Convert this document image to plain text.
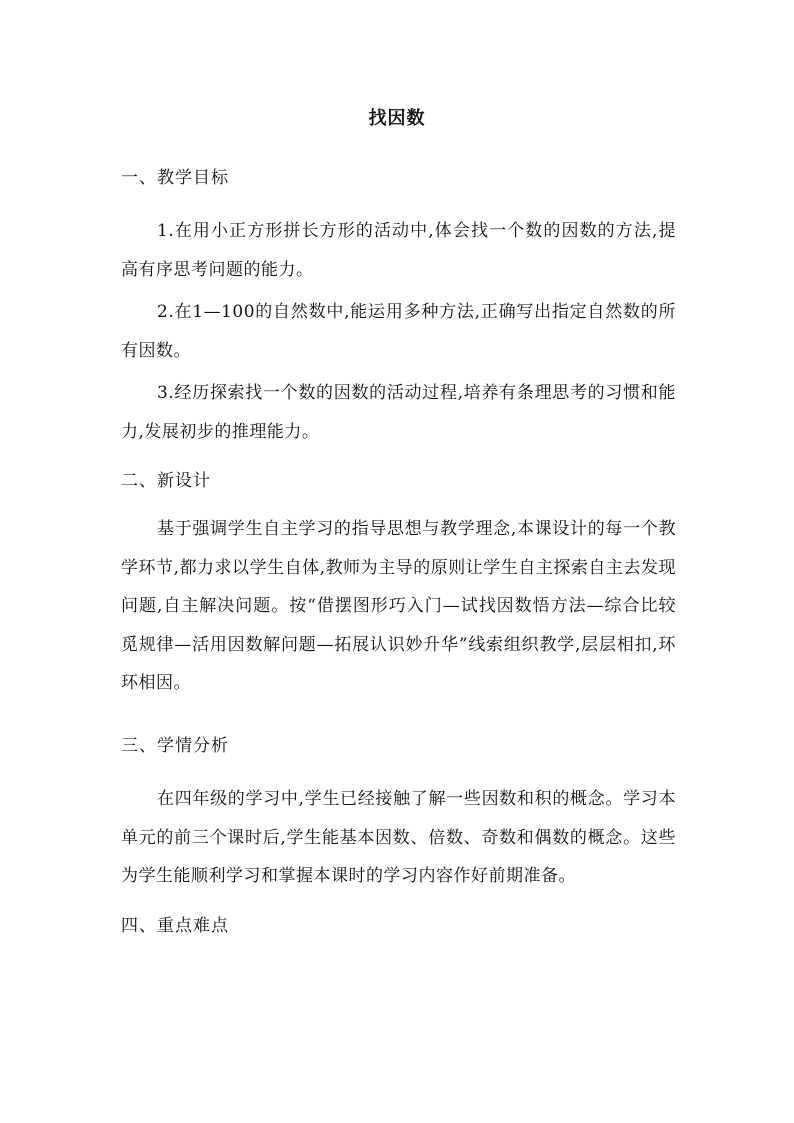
找因数
一、教学目标

1.在用小正方形拼长方形的活动中,体会找一个数的因数的方法,提高有序思考问题的能力。

2.在1—100的自然数中,能运用多种方法,正确写出指定自然数的所有因数。

3.经历探索找一个数的因数的活动过程,培养有条理思考的习惯和能力,发展初步的推理能力。

二、新设计

基于强调学生自主学习的指导思想与教学理念,本课设计的每一个教学环节,都力求以学生自体,教师为主导的原则让学生自主探索自主去发现问题,自主解决问题。按“借摆图形巧入门—试找因数悟方法—综合比较觅规律—活用因数解问题—拓展认识妙升华”线索组织教学,层层相扣,环环相因。

三、学情分析

在四年级的学习中,学生已经接触了解一些因数和积的概念。学习本单元的前三个课时后,学生能基本因数、倍数、奇数和偶数的概念。这些为学生能顺利学习和掌握本课时的学习内容作好前期准备。

四、重点难点
